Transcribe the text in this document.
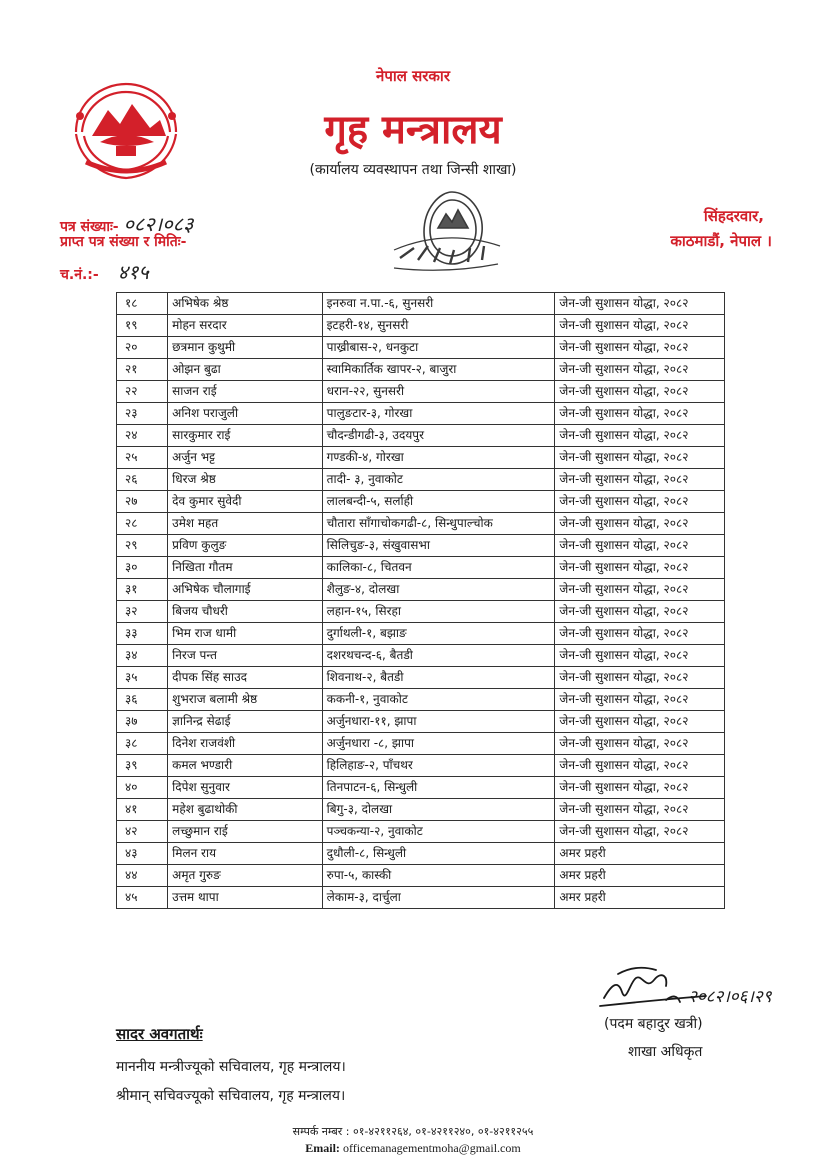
नेपाल सरकार
गृह मन्त्रालय
(कार्यालय व्यवस्थापन तथा जिन्सी शाखा)
पत्र संख्याः- ०८२।०८३
प्राप्त पत्र संख्या र मितिः-
च.नं.:- ४१५
सिंहदरवार,
काठमाडौं, नेपाल ।
१८	अभिषेक श्रेष्ठ	इनरुवा न.पा.-६, सुनसरी	जेन-जी सुशासन योद्धा, २०८२
१९	मोहन सरदार	इटहरी-१४, सुनसरी	जेन-जी सुशासन योद्धा, २०८२
२०	छत्रमान कुथुमी	पाख्रीबास-२, धनकुटा	जेन-जी सुशासन योद्धा, २०८२
२१	ओझन बुढा	स्वामिकार्तिक खापर-२, बाजुरा	जेन-जी सुशासन योद्धा, २०८२
२२	साजन राई	धरान-२२, सुनसरी	जेन-जी सुशासन योद्धा, २०८२
२३	अनिश पराजुली	पालुङटार-३, गोरखा	जेन-जी सुशासन योद्धा, २०८२
२४	सारकुमार राई	चौदन्डीगढी-३, उदयपुर	जेन-जी सुशासन योद्धा, २०८२
२५	अर्जुन भट्ट	गण्डकी-४, गोरखा	जेन-जी सुशासन योद्धा, २०८२
२६	धिरज श्रेष्ठ	तादी- ३, नुवाकोट	जेन-जी सुशासन योद्धा, २०८२
२७	देव कुमार सुवेदी	लालबन्दी-५, सर्लाही	जेन-जी सुशासन योद्धा, २०८२
२८	उमेश महत	चौतारा साँगाचोकगढी-८, सिन्धुपाल्चोक	जेन-जी सुशासन योद्धा, २०८२
२९	प्रविण कुलुङ	सिलिचुङ-३, संखुवासभा	जेन-जी सुशासन योद्धा, २०८२
३०	निखिता गौतम	कालिका-८, चितवन	जेन-जी सुशासन योद्धा, २०८२
३१	अभिषेक चौलागाई	शैलुङ-४, दोलखा	जेन-जी सुशासन योद्धा, २०८२
३२	बिजय चौधरी	लहान-१५, सिरहा	जेन-जी सुशासन योद्धा, २०८२
३३	भिम राज धामी	दुर्गाथली-१, बझाङ	जेन-जी सुशासन योद्धा, २०८२
३४	निरज पन्त	दशरथचन्द-६, बैतडी	जेन-जी सुशासन योद्धा, २०८२
३५	दीपक सिंह साउद	शिवनाथ-२, बैतडी	जेन-जी सुशासन योद्धा, २०८२
३६	शुभराज बलामी श्रेष्ठ	ककनी-१, नुवाकोट	जेन-जी सुशासन योद्धा, २०८२
३७	ज्ञानिन्द्र सेढाई	अर्जुनधारा-११, झापा	जेन-जी सुशासन योद्धा, २०८२
३८	दिनेश राजवंशी	अर्जुनधारा -८, झापा	जेन-जी सुशासन योद्धा, २०८२
३९	कमल भण्डारी	हिलिहाङ-२, पाँचथर	जेन-जी सुशासन योद्धा, २०८२
४०	दिपेश सुनुवार	तिनपाटन-६, सिन्धुली	जेन-जी सुशासन योद्धा, २०८२
४१	महेश बुढाथोकी	बिगु-३, दोलखा	जेन-जी सुशासन योद्धा, २०८२
४२	लच्छुमान राई	पञ्चकन्या-२, नुवाकोट	जेन-जी सुशासन योद्धा, २०८२
४३	मिलन राय	दुधौली-८, सिन्धुली	अमर प्रहरी
४४	अमृत गुरुङ	रुपा-५, कास्की	अमर प्रहरी
४५	उत्तम थापा	लेकाम-३, दार्चुला	अमर प्रहरी
२०८२।०६।२९
(पदम बहादुर खत्री)
शाखा अधिकृत
सादर अवगतार्थः
माननीय मन्त्रीज्यूको सचिवालय, गृह मन्त्रालय।
श्रीमान् सचिवज्यूको सचिवालय, गृह मन्त्रालय।
सम्पर्क नम्बर : ०१-४२११२६४, ०१-४२११२४०, ०१-४२११२५५
Email: officemanagementmoha@gmail.com
